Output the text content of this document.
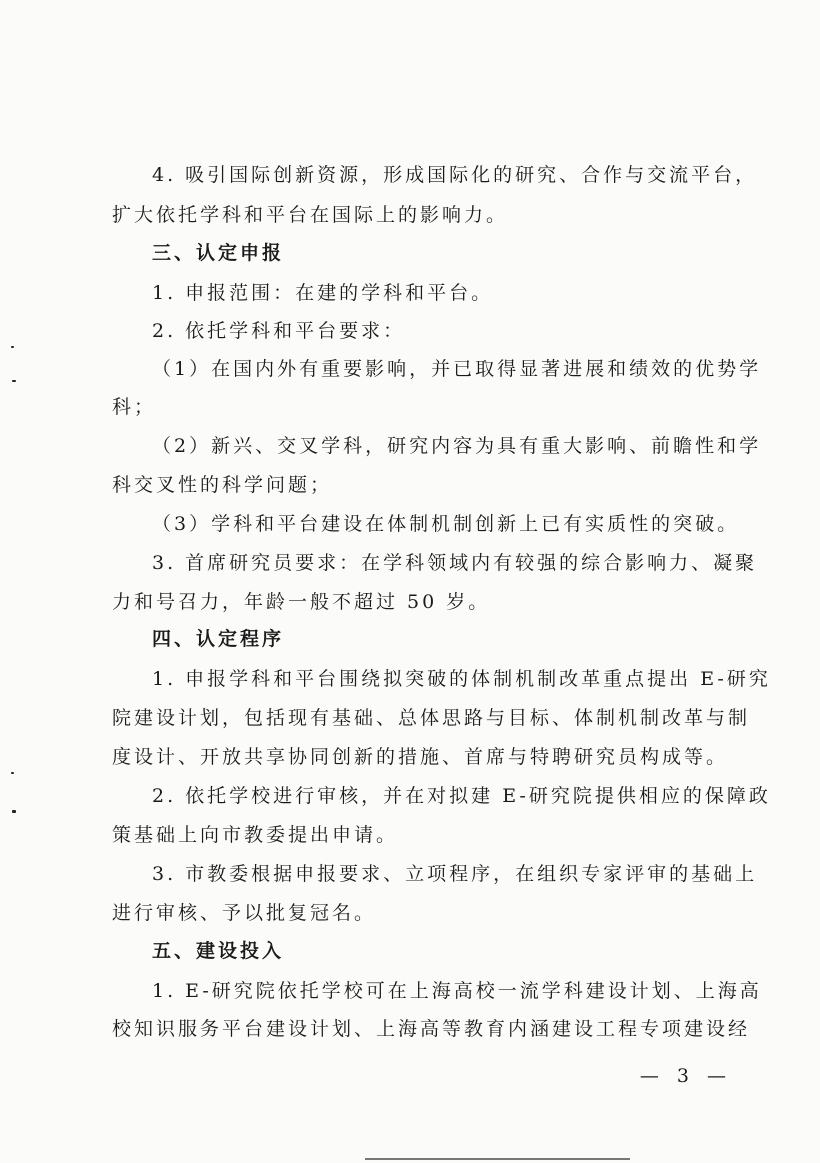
4. 吸引国际创新资源，形成国际化的研究、合作与交流平台，
扩大依托学科和平台在国际上的影响力。
三、认定申报
1. 申报范围：在建的学科和平台。
2. 依托学科和平台要求：
（1）在国内外有重要影响，并已取得显著进展和绩效的优势学
科；
（2）新兴、交叉学科，研究内容为具有重大影响、前瞻性和学
科交叉性的科学问题；
（3）学科和平台建设在体制机制创新上已有实质性的突破。
3. 首席研究员要求：在学科领域内有较强的综合影响力、凝聚
力和号召力，年龄一般不超过 50 岁。
四、认定程序
1. 申报学科和平台围绕拟突破的体制机制改革重点提出 E-研究
院建设计划，包括现有基础、总体思路与目标、体制机制改革与制
度设计、开放共享协同创新的措施、首席与特聘研究员构成等。
2. 依托学校进行审核，并在对拟建 E-研究院提供相应的保障政
策基础上向市教委提出申请。
3. 市教委根据申报要求、立项程序，在组织专家评审的基础上
进行审核、予以批复冠名。
五、建设投入
1. E-研究院依托学校可在上海高校一流学科建设计划、上海高
校知识服务平台建设计划、上海高等教育内涵建设工程专项建设经
— 3 —
